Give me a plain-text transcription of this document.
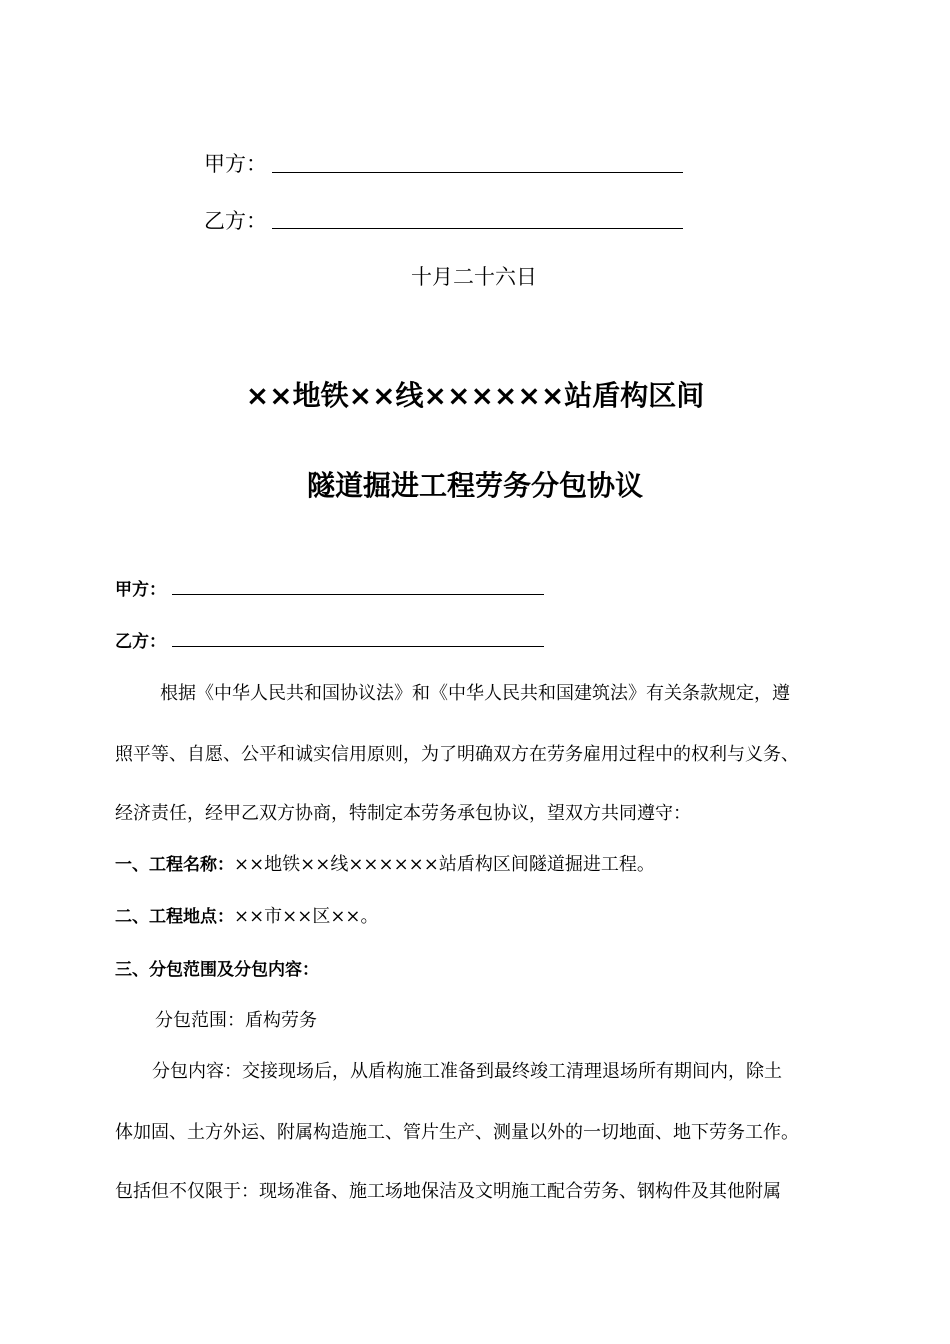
甲方：
乙方：
十月二十六日
××地铁××线××××××站盾构区间
隧道掘进工程劳务分包协议
甲方：
乙方：
根据《中华人民共和国协议法》和《中华人民共和国建筑法》有关条款规定，遵
照平等、自愿、公平和诚实信用原则，为了明确双方在劳务雇用过程中的权利与义务、
经济责任，经甲乙双方协商，特制定本劳务承包协议，望双方共同遵守：
一、工程名称：××地铁××线××××××站盾构区间隧道掘进工程。
二、工程地点：××市××区××。
三、分包范围及分包内容：
分包范围：盾构劳务
分包内容：交接现场后，从盾构施工准备到最终竣工清理退场所有期间内，除土
体加固、土方外运、附属构造施工、管片生产、测量以外的一切地面、地下劳务工作。
包括但不仅限于：现场准备、施工场地保洁及文明施工配合劳务、钢构件及其他附属
